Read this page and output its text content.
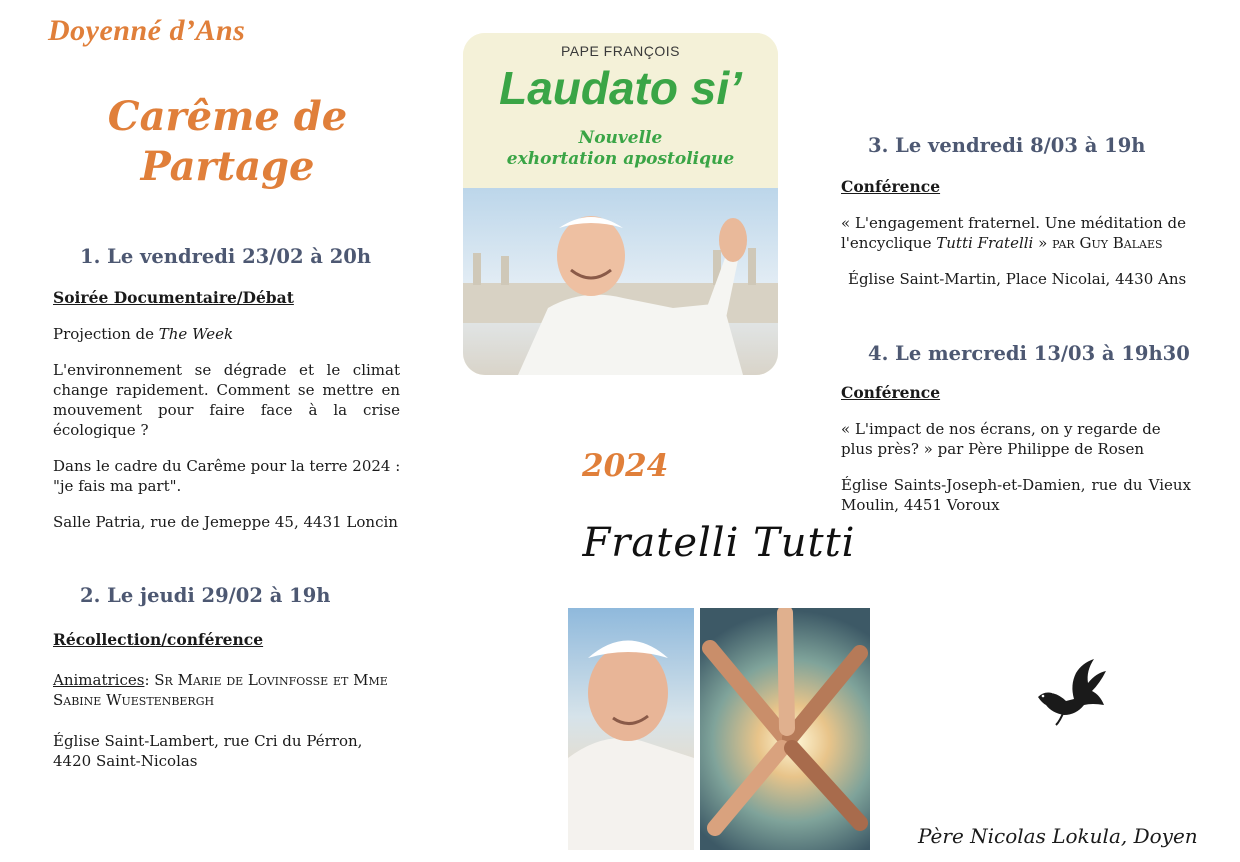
Doyenné d’Ans
Carême de
Partage
1. Le vendredi 23/02 à 20h
Soirée Documentaire/Débat
Projection de The Week
L'environnement se dégrade et le climat change rapidement. Comment se mettre en mouvement pour faire face à la crise écologique ?
Dans le cadre du Carême pour la terre 2024 : "je fais ma part".
Salle Patria, rue de Jemeppe 45, 4431 Loncin
2. Le jeudi 29/02 à 19h
Récollection/conférence
Animatrices: Sr Marie de Lovinfosse et Mme Sabine Wuestenbergh
Église Saint-Lambert, rue Cri du Pérron,
4420 Saint-Nicolas
PAPE FRANÇOIS
Laudato si’
Nouvelle
exhortation apostolique
2024
Fratelli Tutti
3. Le vendredi 8/03 à 19h
Conférence
« L'engagement fraternel. Une méditation de l'encyclique Tutti Fratelli » par Guy Balaes
Église Saint-Martin, Place Nicolai, 4430 Ans
4. Le mercredi 13/03 à 19h30
Conférence
« L'impact de nos écrans, on y regarde de plus près? » par Père Philippe de Rosen
Église Saints-Joseph-et-Damien, rue du Vieux Moulin, 4451 Voroux
Père Nicolas Lokula, Doyen
